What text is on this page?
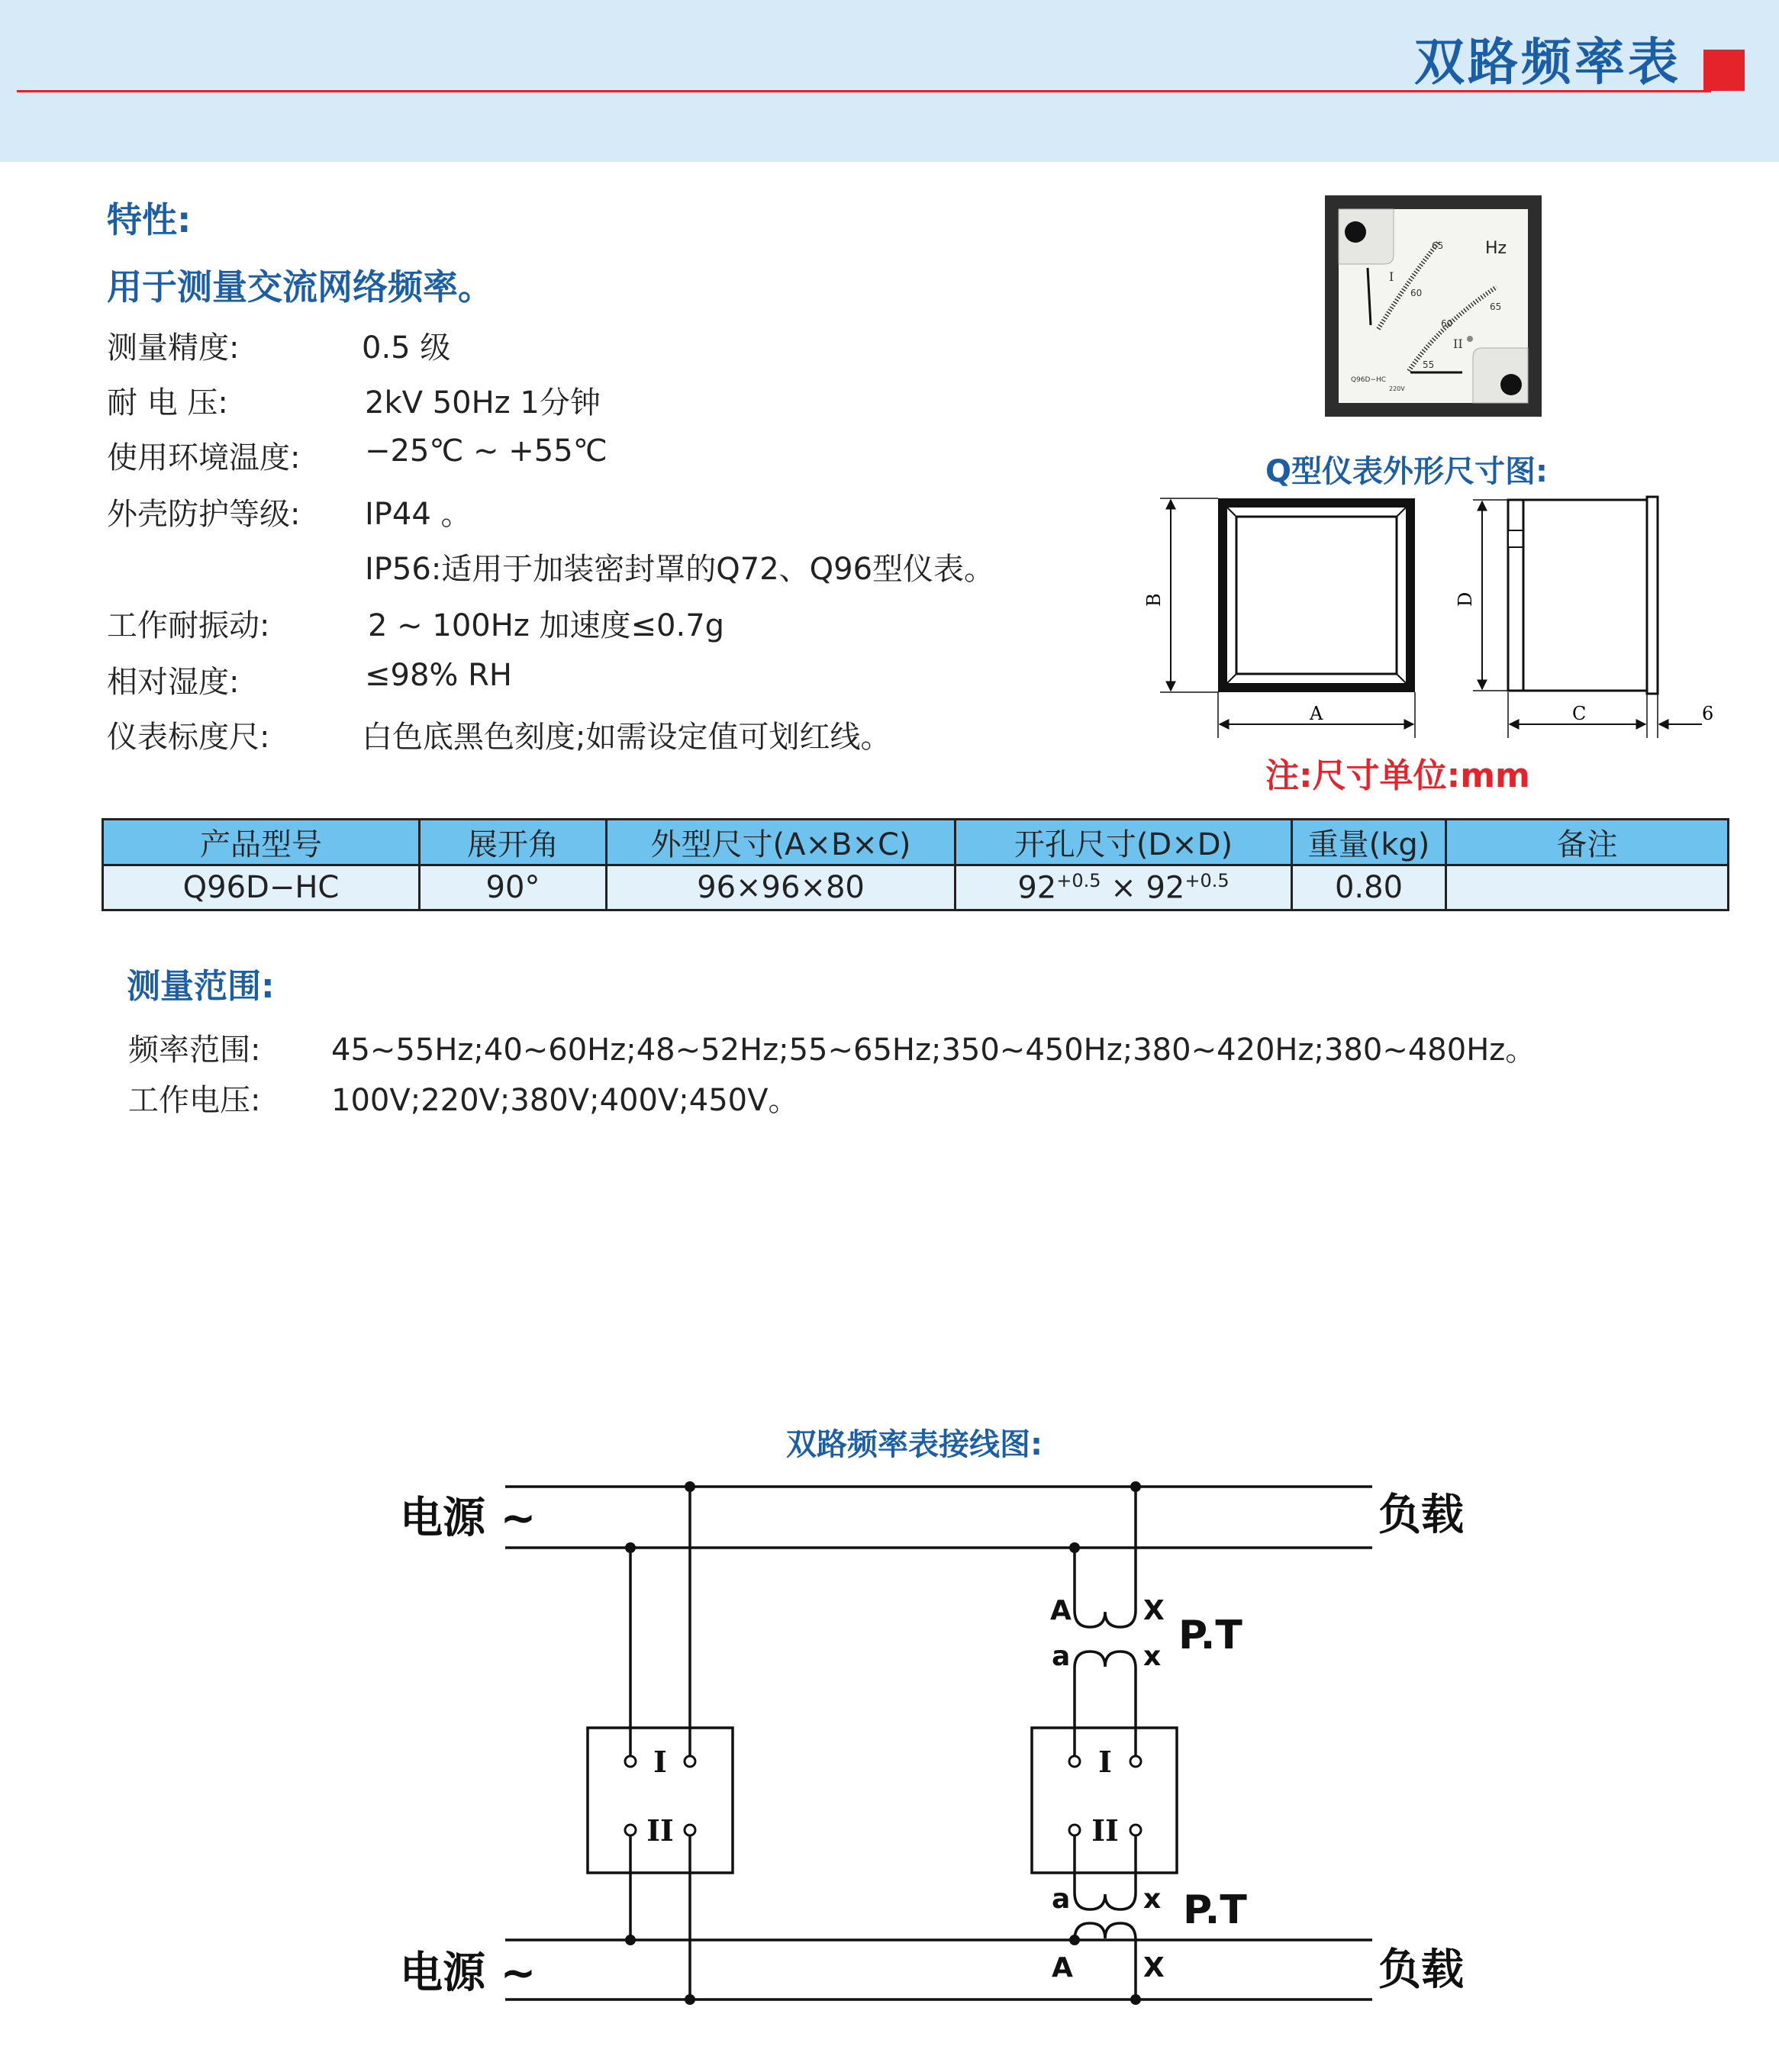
双路频率表
特性:
用于测量交流网络频率。
测量精度:	0.5 级
耐 电 压:	2kV 50Hz 1分钟
使用环境温度: −25℃ ~ +55℃
外壳防护等级: IP44 。
IP56:适用于加装密封罩的Q72、Q96型仪表。
工作耐振动:	2 ~ 100Hz 加速度≤0.7g
相对湿度:	≤98% RH
仪表标度尺:	白色底黑色刻度;如需设定值可划红线。
Hz
65
60
I
65
60
55
II
Q96D−HC
220V
Q型仪表外形尺寸图:
B
A
D
C	6
注:尺寸单位:mm
产品型号	展开角	外型尺寸(A×B×C)	开孔尺寸(D×D)	重量(kg)	备注
Q96D−HC	90°	96×96×80	$92^{+0.5} \times 92^{+0.5}$	0.80	
测量范围:
频率范围: 45~55Hz;40~60Hz;48~52Hz;55~65Hz;350~450Hz;380~420Hz;380~480Hz。
工作电压: 100V;220V;380V;400V;450V。
双路频率表接线图:
I
II
I
II
电源 ~	负载
电源 ~	负载
P.T
P.T
A	X
a	x
a	x
A	X
